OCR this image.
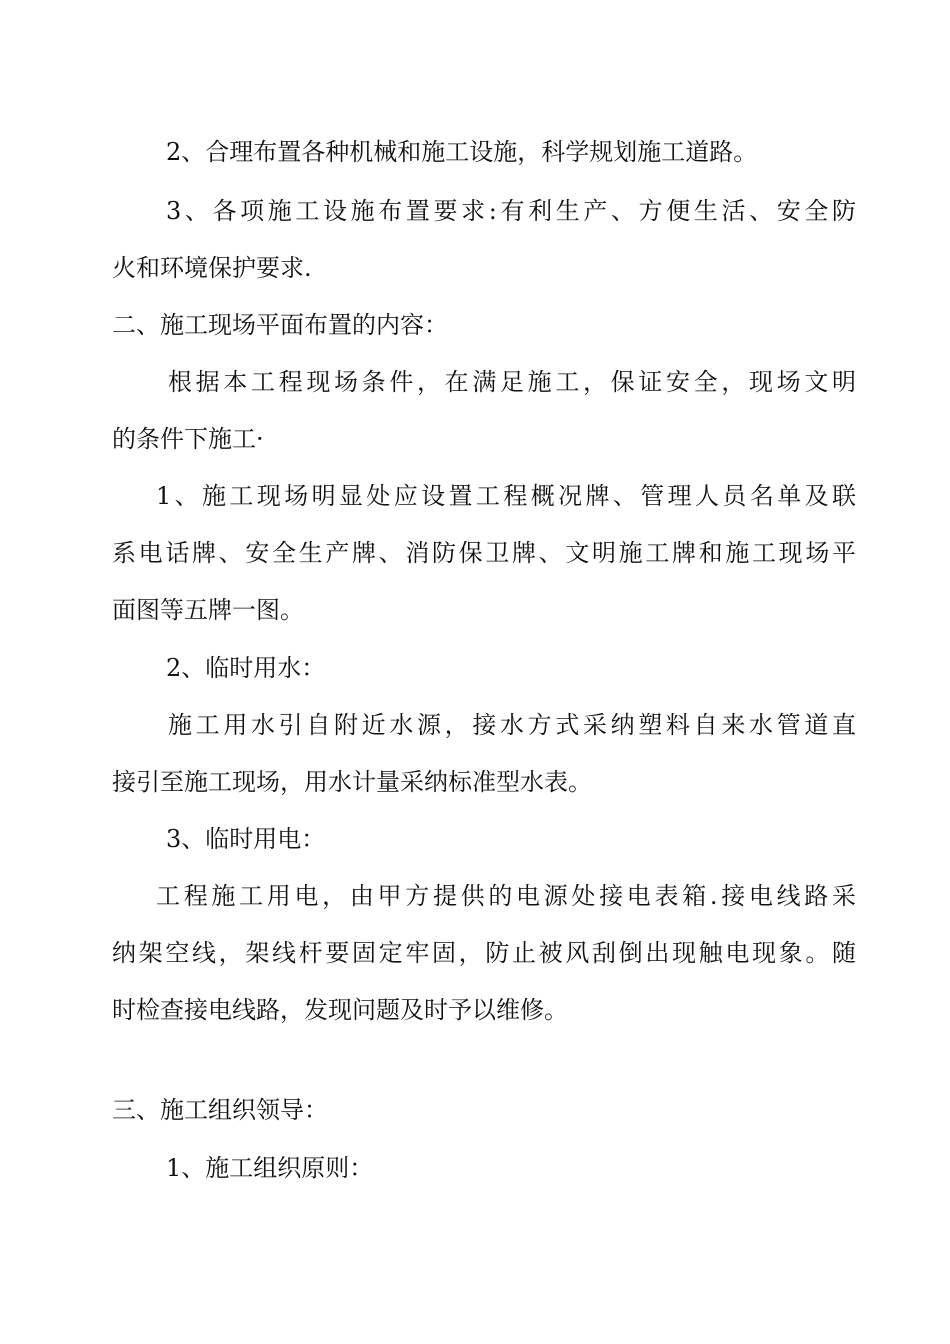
2、合理布置各种机械和施工设施，科学规划施工道路。

3、各项施工设施布置要求:有利生产、方便生活、安全防

火和环境保护要求.

二、施工现场平面布置的内容：

根据本工程现场条件，在满足施工，保证安全，现场文明

的条件下施工·

1、施工现场明显处应设置工程概况牌、管理人员名单及联

系电话牌、安全生产牌、消防保卫牌、文明施工牌和施工现场平

面图等五牌一图。

2、临时用水：

施工用水引自附近水源，接水方式采纳塑料自来水管道直

接引至施工现场，用水计量采纳标准型水表。

3、临时用电：

工程施工用电，由甲方提供的电源处接电表箱.接电线路采

纳架空线，架线杆要固定牢固，防止被风刮倒出现触电现象。随

时检查接电线路，发现问题及时予以维修。

三、施工组织领导：

1、施工组织原则：
